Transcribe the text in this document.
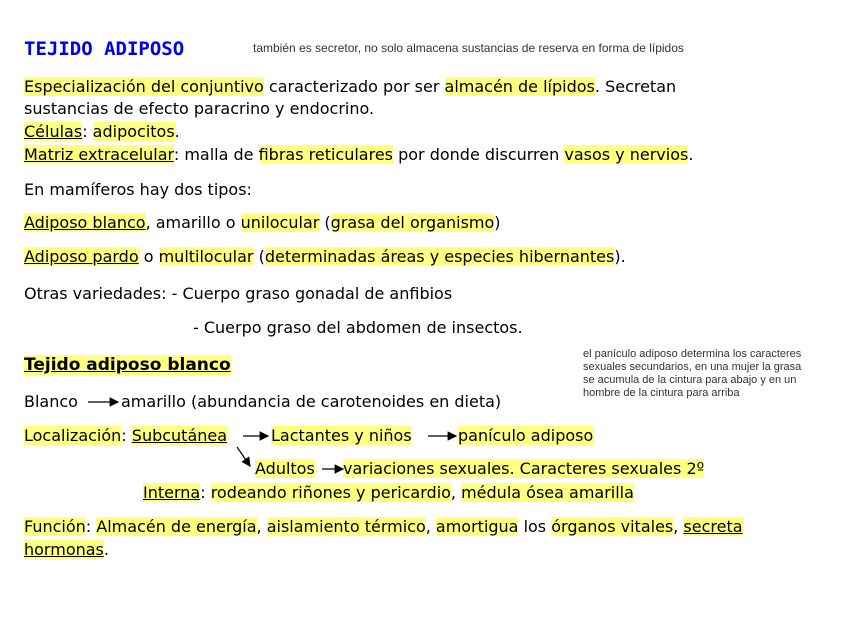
TEJIDO ADIPOSO	también es secretor, no solo almacena sustancias de reserva en forma de lípidos
Especialización del conjuntivo caracterizado por ser almacén de lípidos. Secretan
sustancias de efecto paracrino y endocrino.
Células: adipocitos.
Matriz extracelular: malla de fibras reticulares por donde discurren vasos y nervios.
En mamíferos hay dos tipos:
Adiposo blanco, amarillo o unilocular (grasa del organismo)
Adiposo pardo o multilocular (determinadas áreas y especies hibernantes).
Otras variedades: - Cuerpo graso gonadal de anfibios
- Cuerpo graso del abdomen de insectos.
Tejido adiposo blanco
el panículo adiposo determina los caracteres
sexuales secundarios, en una mujer la grasa
se acumula de la cintura para abajo y en un
hombre de la cintura para arriba
Blanco	amarillo (abundancia de carotenoides en dieta)
Localización: Subcutánea	Lactantes y niños	panículo adiposo
Adultos variaciones sexuales. Caracteres sexuales 2º
Interna: rodeando riñones y pericardio, médula ósea amarilla
Función: Almacén de energía, aislamiento térmico, amortigua los órganos vitales, secreta
hormonas.
